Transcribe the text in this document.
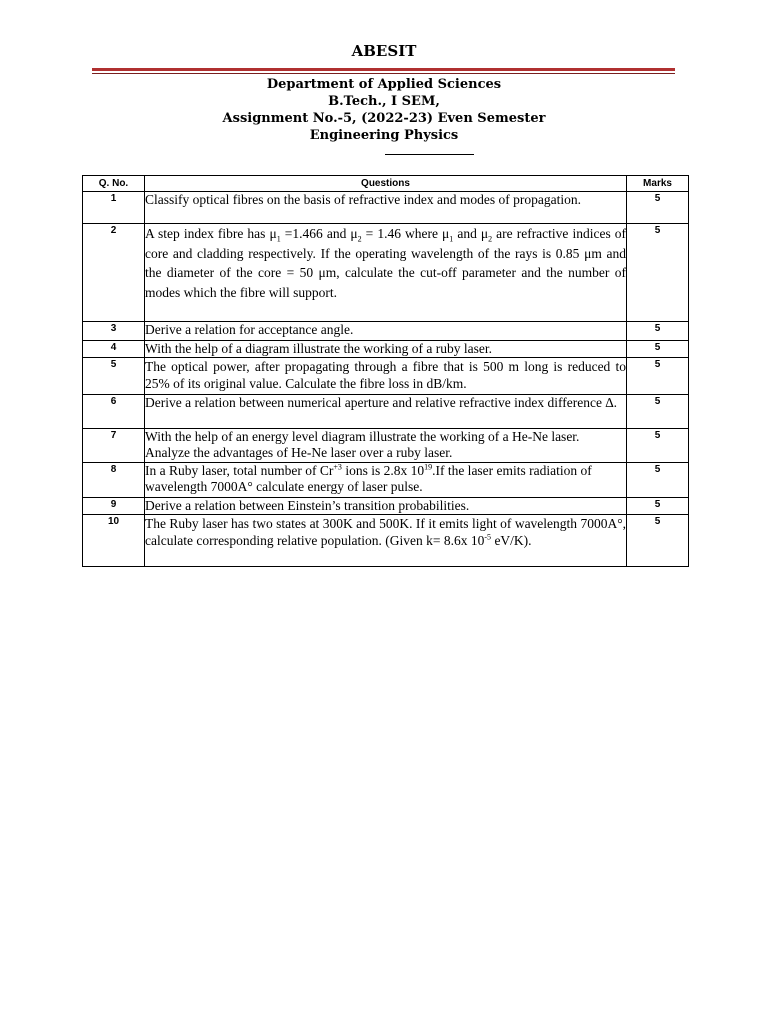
ABESIT
Department of Applied Sciences
B.Tech., I SEM,
Assignment No.-5, (2022-23) Even Semester
Engineering Physics
Q. No.	Questions	Marks
1	Classify optical fibres on the basis of refractive index and modes of propagation.	5
2	A step index fibre has $\mu_1 =1.466$ and $\mu_2 = 1.46$ where $\mu_1$ and $\mu_2$ are refractive indices of core and cladding respectively. If the operating wavelength of the rays is 0.85 μm and the diameter of the core = 50 μm, calculate the cut-off parameter and the number of modes which the fibre will support.	5
3	Derive a relation for acceptance angle.	5
4	With the help of a diagram illustrate the working of a ruby laser.	5
5	The optical power, after propagating through a fibre that is 500 m long is reduced to 25% of its original value. Calculate the fibre loss in dB/km.	5
6	Derive a relation between numerical aperture and relative refractive index difference ∆.	5
7	With the help of an energy level diagram illustrate the working of a He-Ne laser. Analyze the advantages of He-Ne laser over a ruby laser.	5
8	In a Ruby laser, total number of $Cr^{+3}$ ions is 2.8x $10^{19}.If$ the laser emits radiation of wavelength 7000A° calculate energy of laser pulse.	5
9	Derive a relation between Einstein’s transition probabilities.	5
10	The Ruby laser has two states at 300K and 500K. If it emits light of wavelength 7000A°, calculate corresponding relative population. (Given k= 8.6x $10^{-5}$ eV/K).	5
